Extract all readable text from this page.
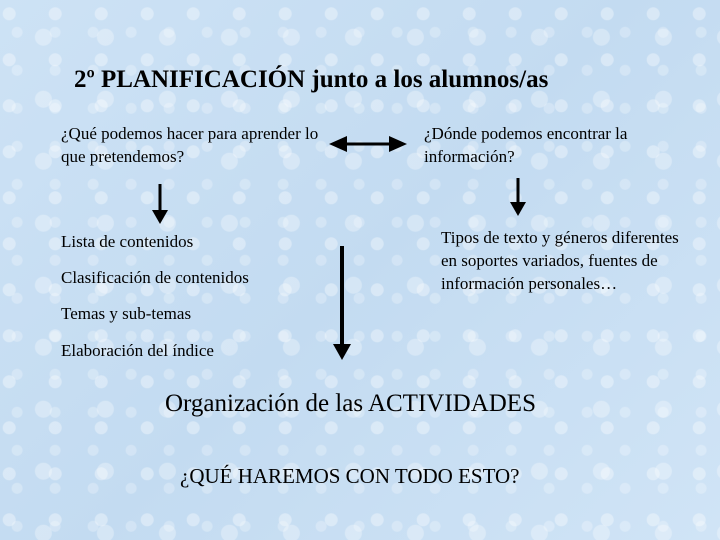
2º PLANIFICACIÓN junto a los alumnos/as
¿Qué podemos hacer para aprender lo que pretendemos?
¿Dónde podemos encontrar la información?
Lista de contenidos
Clasificación de contenidos
Temas y sub-temas
Elaboración del índice
Tipos de texto y géneros diferentes en soportes variados, fuentes de información personales…
Organización de las ACTIVIDADES
¿QUÉ HAREMOS CON TODO ESTO?
